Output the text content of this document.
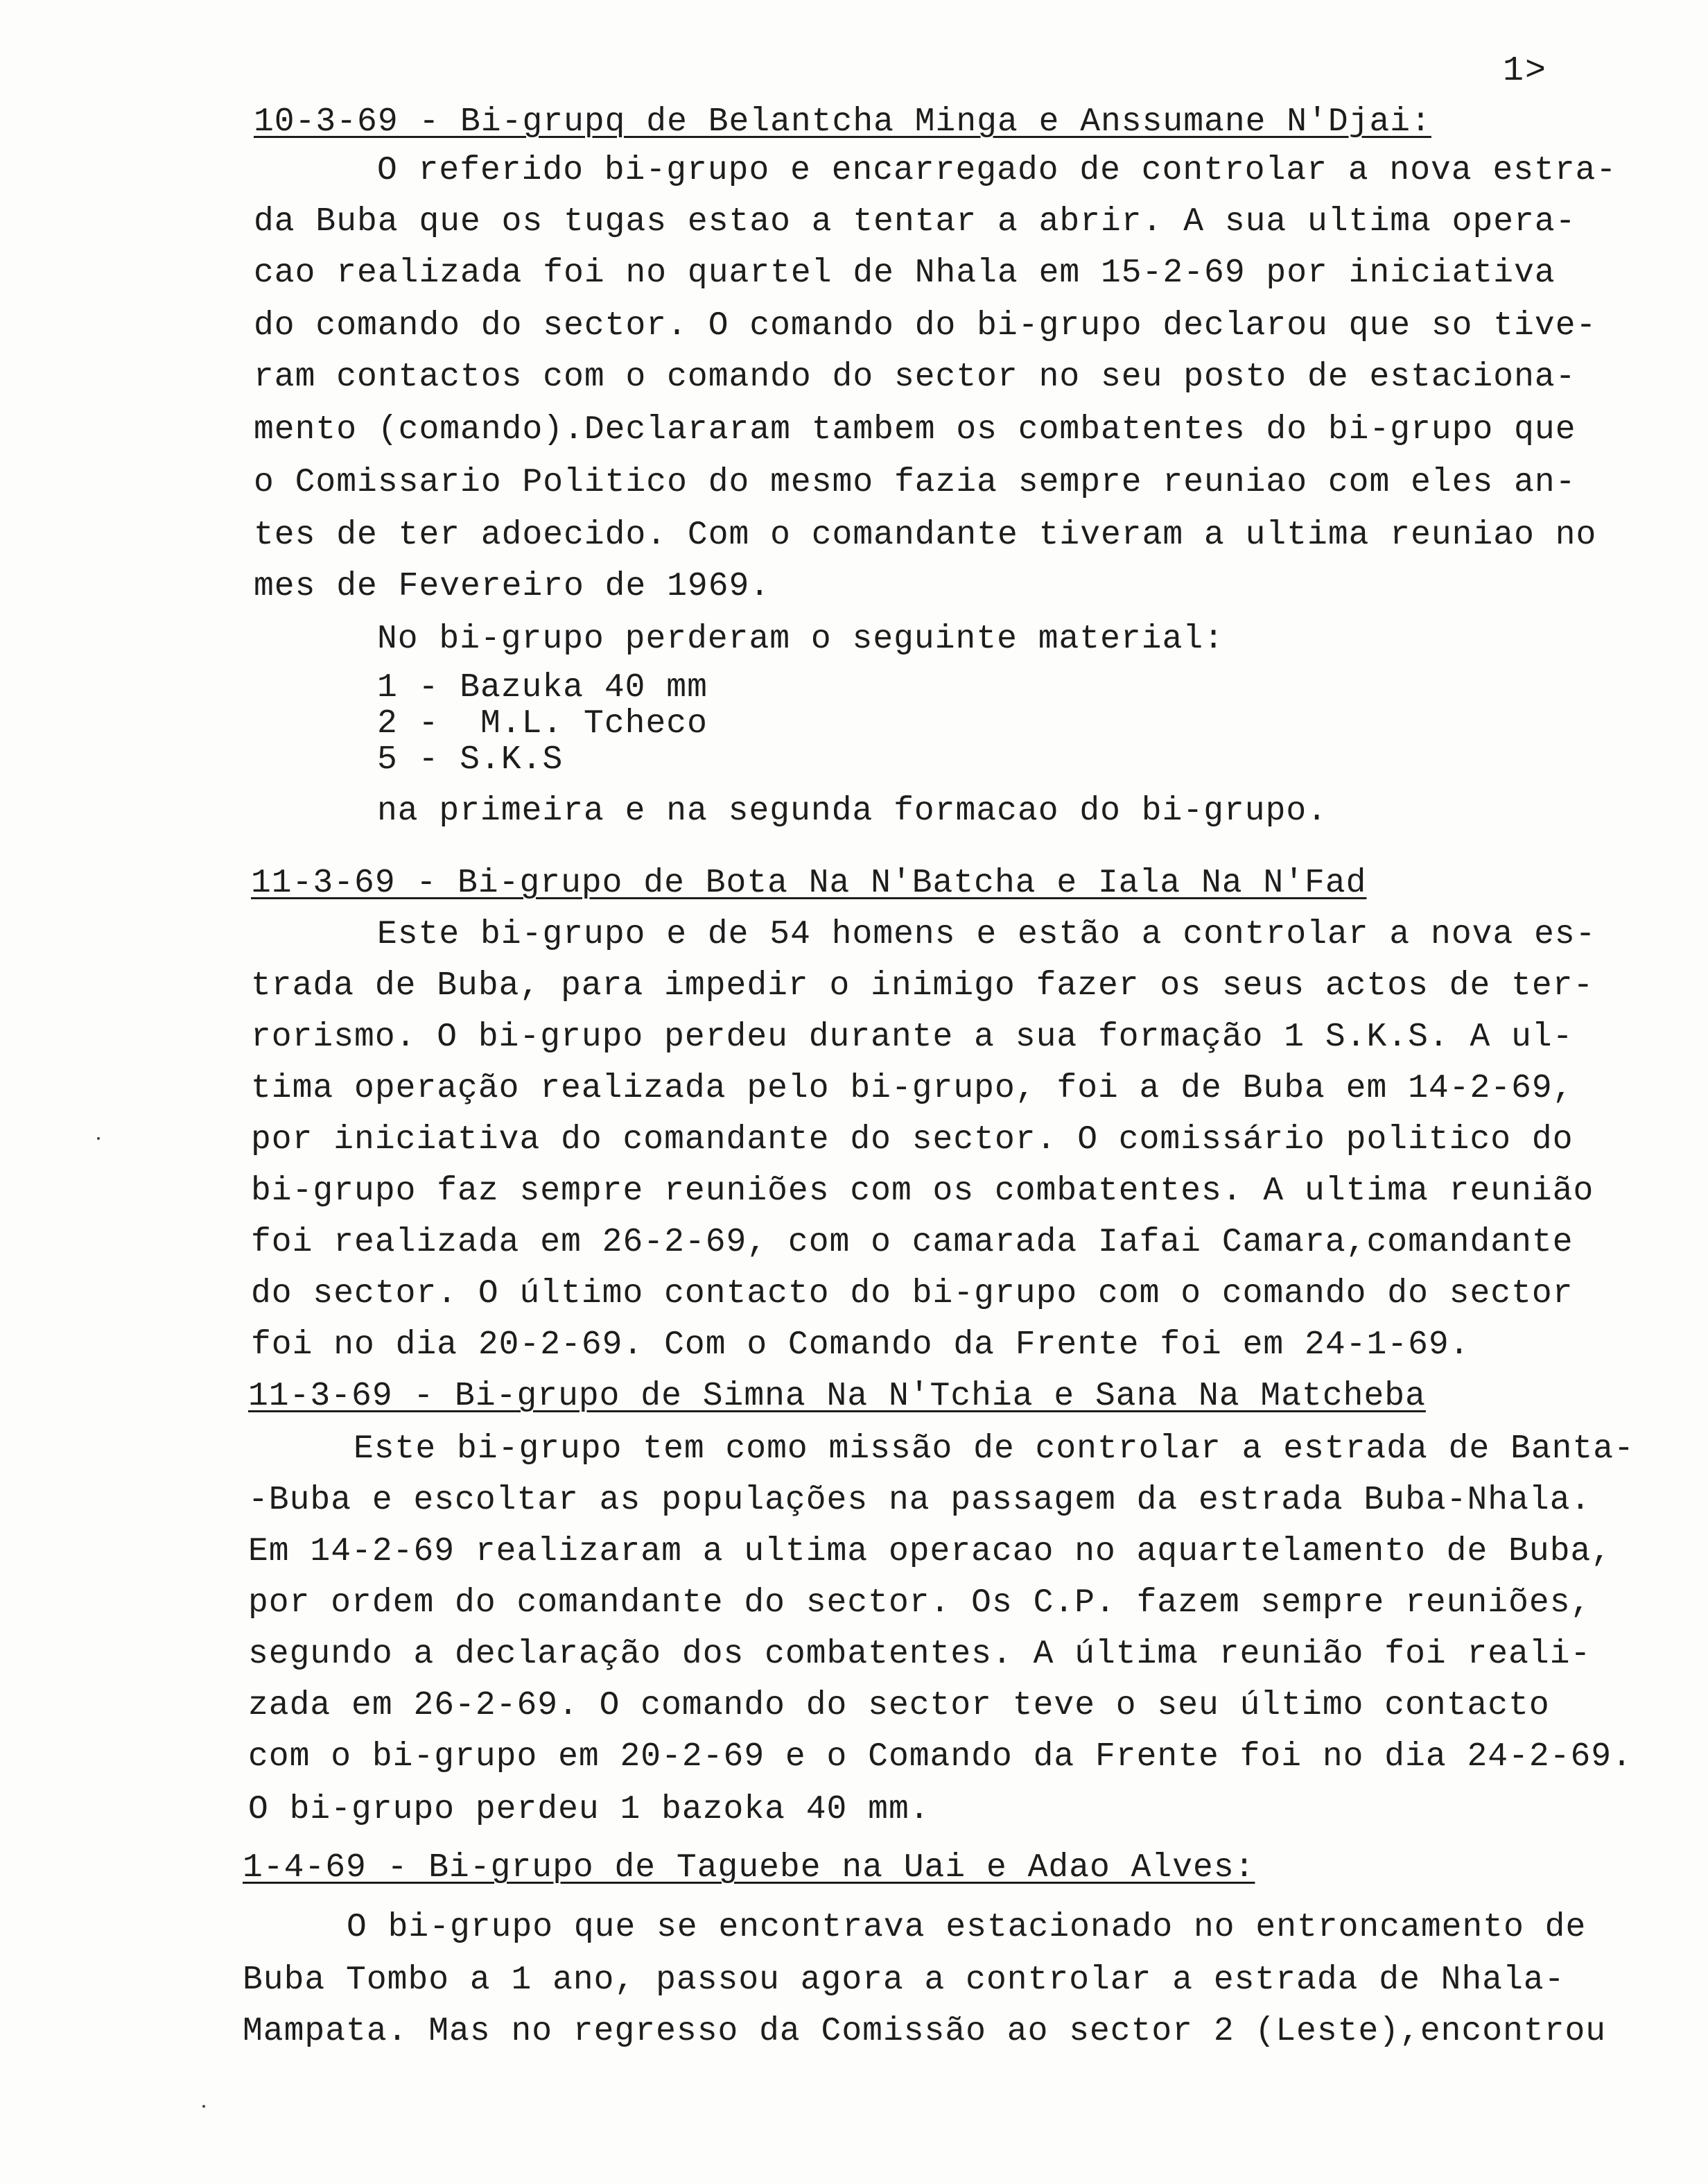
1>
10-3-69 - Bi-grupq de Belantcha Minga e Anssumane N'Djai:
O referido bi-grupo e encarregado de controlar a nova estra-
da Buba que os tugas estao a tentar a abrir. A sua ultima opera-
cao realizada foi no quartel de Nhala em 15-2-69 por iniciativa
do comando do sector. O comando do bi-grupo declarou que so tive-
ram contactos com o comando do sector no seu posto de estaciona-
mento (comando).Declararam tambem os combatentes do bi-grupo que
o Comissario Politico do mesmo fazia sempre reuniao com eles an-
tes de ter adoecido. Com o comandante tiveram a ultima reuniao no
mes de Fevereiro de 1969.
No bi-grupo perderam o seguinte material:
1 - Bazuka 40 mm
2 -  M.L. Tcheco
5 - S.K.S
na primeira e na segunda formacao do bi-grupo.
11-3-69 - Bi-grupo de Bota Na N'Batcha e Iala Na N'Fad
Este bi-grupo e de 54 homens e estão a controlar a nova es-
trada de Buba, para impedir o inimigo fazer os seus actos de ter-
rorismo. O bi-grupo perdeu durante a sua formação 1 S.K.S. A ul-
tima operação realizada pelo bi-grupo, foi a de Buba em 14-2-69,
por iniciativa do comandante do sector. O comissário politico do
bi-grupo faz sempre reuniões com os combatentes. A ultima reunião
foi realizada em 26-2-69, com o camarada Iafai Camara,comandante
do sector. O último contacto do bi-grupo com o comando do sector
foi no dia 20-2-69. Com o Comando da Frente foi em 24-1-69.
11-3-69 - Bi-grupo de Simna Na N'Tchia e Sana Na Matcheba
Este bi-grupo tem como missão de controlar a estrada de Banta-
-Buba e escoltar as populações na passagem da estrada Buba-Nhala.
Em 14-2-69 realizaram a ultima operacao no aquartelamento de Buba,
por ordem do comandante do sector. Os C.P. fazem sempre reuniões,
segundo a declaração dos combatentes. A última reunião foi reali-
zada em 26-2-69. O comando do sector teve o seu último contacto
com o bi-grupo em 20-2-69 e o Comando da Frente foi no dia 24-2-69.
O bi-grupo perdeu 1 bazoka 40 mm.
1-4-69 - Bi-grupo de Taguebe na Uai e Adao Alves:
O bi-grupo que se encontrava estacionado no entroncamento de
Buba Tombo a 1 ano, passou agora a controlar a estrada de Nhala-
Mampata. Mas no regresso da Comissão ao sector 2 (Leste),encontrou
